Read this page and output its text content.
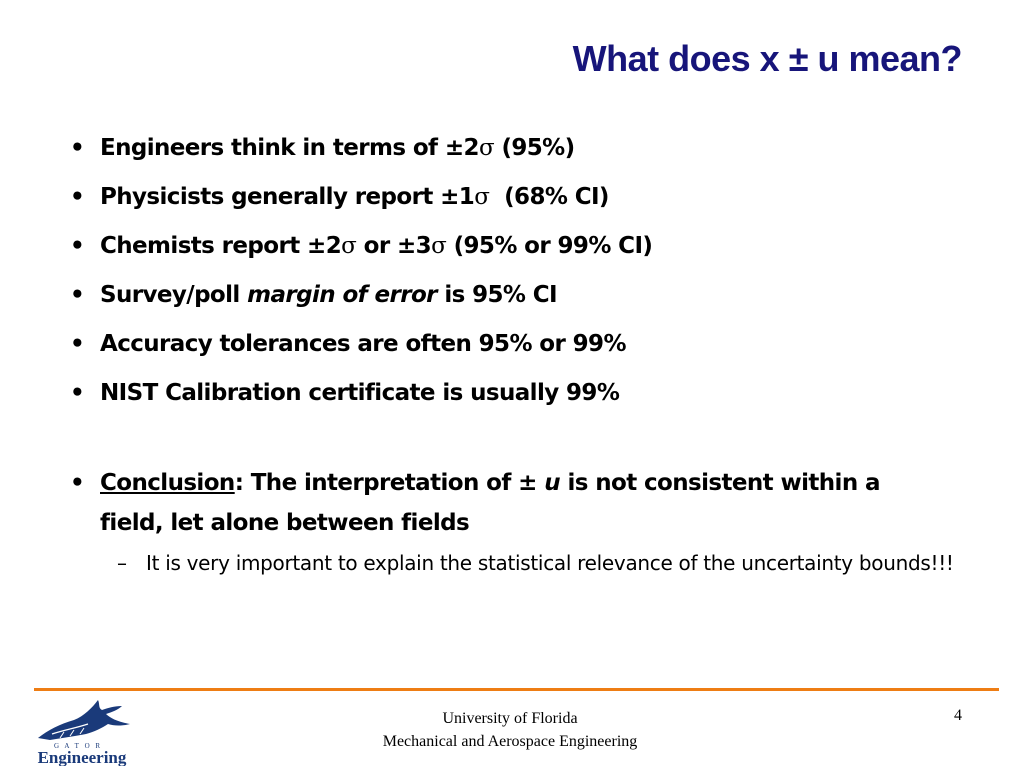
What does x ± u mean?
• Engineers think in terms of ±2σ (95%)
• Physicists generally report ±1σ  (68% CI)
• Chemists report ±2σ or ±3σ (95% or 99% CI)
• Survey/poll margin of error is 95% CI
• Accuracy tolerances are often 95% or 99%
• NIST Calibration certificate is usually 99%
• Conclusion: The interpretation of ± u is not consistent within a field, let alone between fields
– It is very important to explain the statistical relevance of the uncertainty bounds!!!
G A T O R
Engineering
University of Florida
Mechanical and Aerospace Engineering
4
